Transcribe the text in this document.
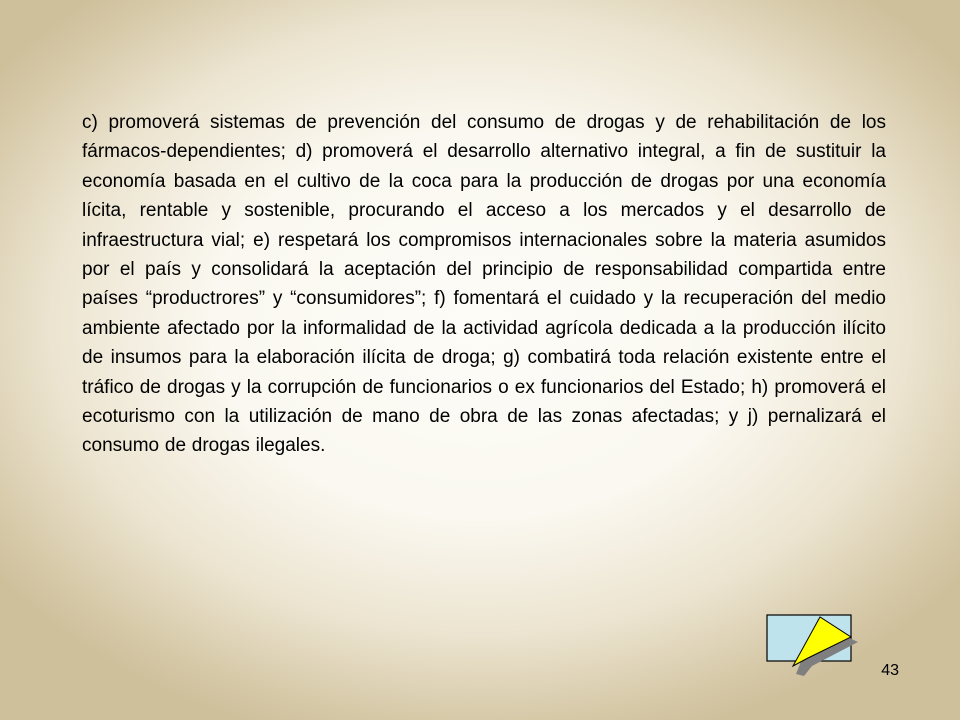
c) promoverá sistemas de prevención del consumo de drogas y de rehabilitación de los fármacos-dependientes; d) promoverá el desarrollo alternativo integral, a fin de sustituir la economía basada en el cultivo de la coca para la producción de drogas por una economía lícita, rentable y sostenible, procurando el acceso a los mercados y el desarrollo de infraestructura vial; e) respetará los compromisos internacionales sobre la materia asumidos por el país y consolidará la aceptación del principio de responsabilidad compartida entre países “productrores” y “consumidores”; f) fomentará el cuidado y la recuperación del medio ambiente afectado por la informalidad de la actividad agrícola dedicada a la producción ilícito de insumos para la elaboración ilícita de droga; g) combatirá toda relación existente entre el tráfico de drogas y la corrupción de funcionarios o ex funcionarios del Estado; h) promoverá el ecoturismo con la utilización de mano de obra de las zonas afectadas; y j) pernalizará el consumo de drogas ilegales.

43
